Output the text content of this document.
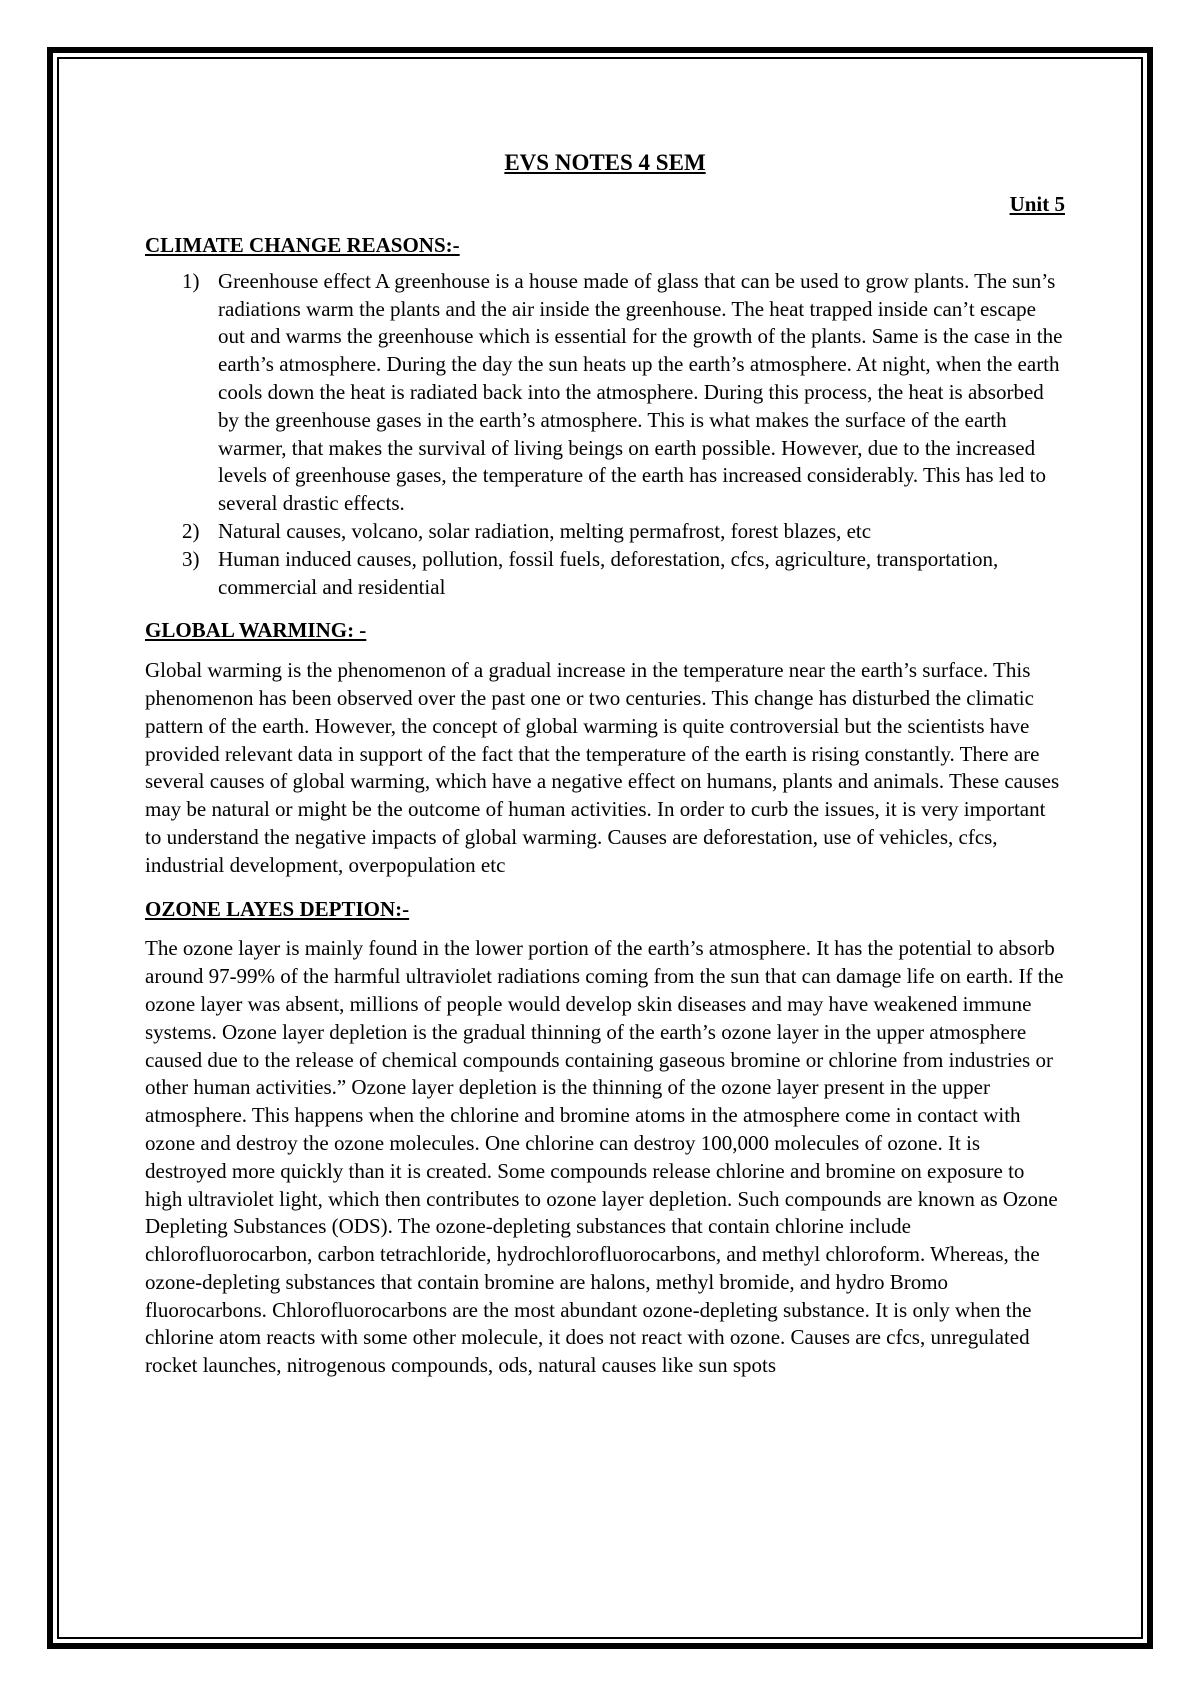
EVS NOTES 4 SEM

Unit 5

CLIMATE CHANGE REASONS:-

1) Greenhouse effect A greenhouse is a house made of glass that can be used to grow plants. The sun’s radiations warm the plants and the air inside the greenhouse. The heat trapped inside can’t escape out and warms the greenhouse which is essential for the growth of the plants. Same is the case in the earth’s atmosphere. During the day the sun heats up the earth’s atmosphere. At night, when the earth cools down the heat is radiated back into the atmosphere. During this process, the heat is absorbed by the greenhouse gases in the earth’s atmosphere. This is what makes the surface of the earth warmer, that makes the survival of living beings on earth possible. However, due to the increased levels of greenhouse gases, the temperature of the earth has increased considerably. This has led to several drastic effects.
2) Natural causes, volcano, solar radiation, melting permafrost, forest blazes, etc
3) Human induced causes, pollution, fossil fuels, deforestation, cfcs, agriculture, transportation, commercial and residential

GLOBAL WARMING: -

Global warming is the phenomenon of a gradual increase in the temperature near the earth’s surface. This phenomenon has been observed over the past one or two centuries. This change has disturbed the climatic pattern of the earth. However, the concept of global warming is quite controversial but the scientists have provided relevant data in support of the fact that the temperature of the earth is rising constantly. There are several causes of global warming, which have a negative effect on humans, plants and animals. These causes may be natural or might be the outcome of human activities. In order to curb the issues, it is very important to understand the negative impacts of global warming. Causes are deforestation, use of vehicles, cfcs, industrial development, overpopulation etc

OZONE LAYES DEPTION:-

The ozone layer is mainly found in the lower portion of the earth’s atmosphere. It has the potential to absorb around 97-99% of the harmful ultraviolet radiations coming from the sun that can damage life on earth. If the ozone layer was absent, millions of people would develop skin diseases and may have weakened immune systems. Ozone layer depletion is the gradual thinning of the earth’s ozone layer in the upper atmosphere caused due to the release of chemical compounds containing gaseous bromine or chlorine from industries or other human activities.” Ozone layer depletion is the thinning of the ozone layer present in the upper atmosphere. This happens when the chlorine and bromine atoms in the atmosphere come in contact with ozone and destroy the ozone molecules. One chlorine can destroy 100,000 molecules of ozone. It is destroyed more quickly than it is created. Some compounds release chlorine and bromine on exposure to high ultraviolet light, which then contributes to ozone layer depletion. Such compounds are known as Ozone Depleting Substances (ODS). The ozone-depleting substances that contain chlorine include chlorofluorocarbon, carbon tetrachloride, hydrochlorofluorocarbons, and methyl chloroform. Whereas, the ozone-depleting substances that contain bromine are halons, methyl bromide, and hydro Bromo fluorocarbons. Chlorofluorocarbons are the most abundant ozone-depleting substance. It is only when the chlorine atom reacts with some other molecule, it does not react with ozone. Causes are cfcs, unregulated rocket launches, nitrogenous compounds, ods, natural causes like sun spots
